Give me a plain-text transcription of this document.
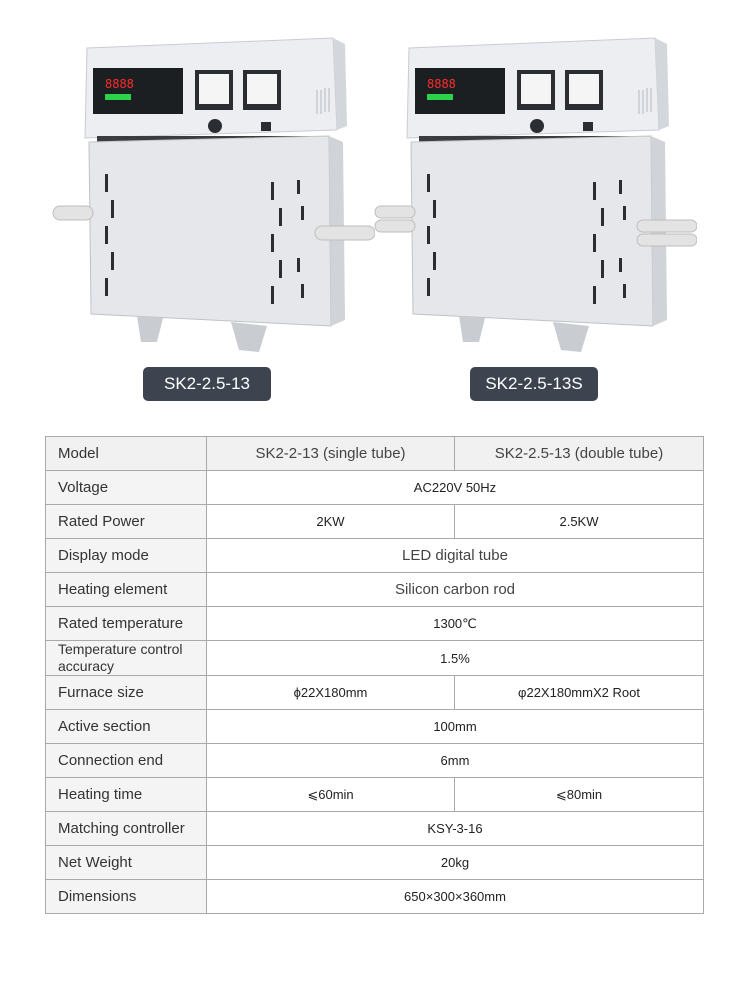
8888	8888
SK2-2.5-13	SK2-2.5-13S
Model	SK2-2-13 (single tube)	SK2-2.5-13 (double tube)
Voltage	AC220V 50Hz	
Rated Power	2KW	2.5KW
Display mode	LED digital tube	
Heating element	Silicon carbon rod	
Rated temperature	1300℃	

Temperature control accuracy	1.5%	
Furnace size	ϕ22X180mm	φ22X180mmX2 Root
Active section	100mm	
Connection end	6mm	
Heating time	⩽60min	⩽80min
Matching controller	KSY-3-16	
Net Weight	20kg	
Dimensions	650×300×360mm	
